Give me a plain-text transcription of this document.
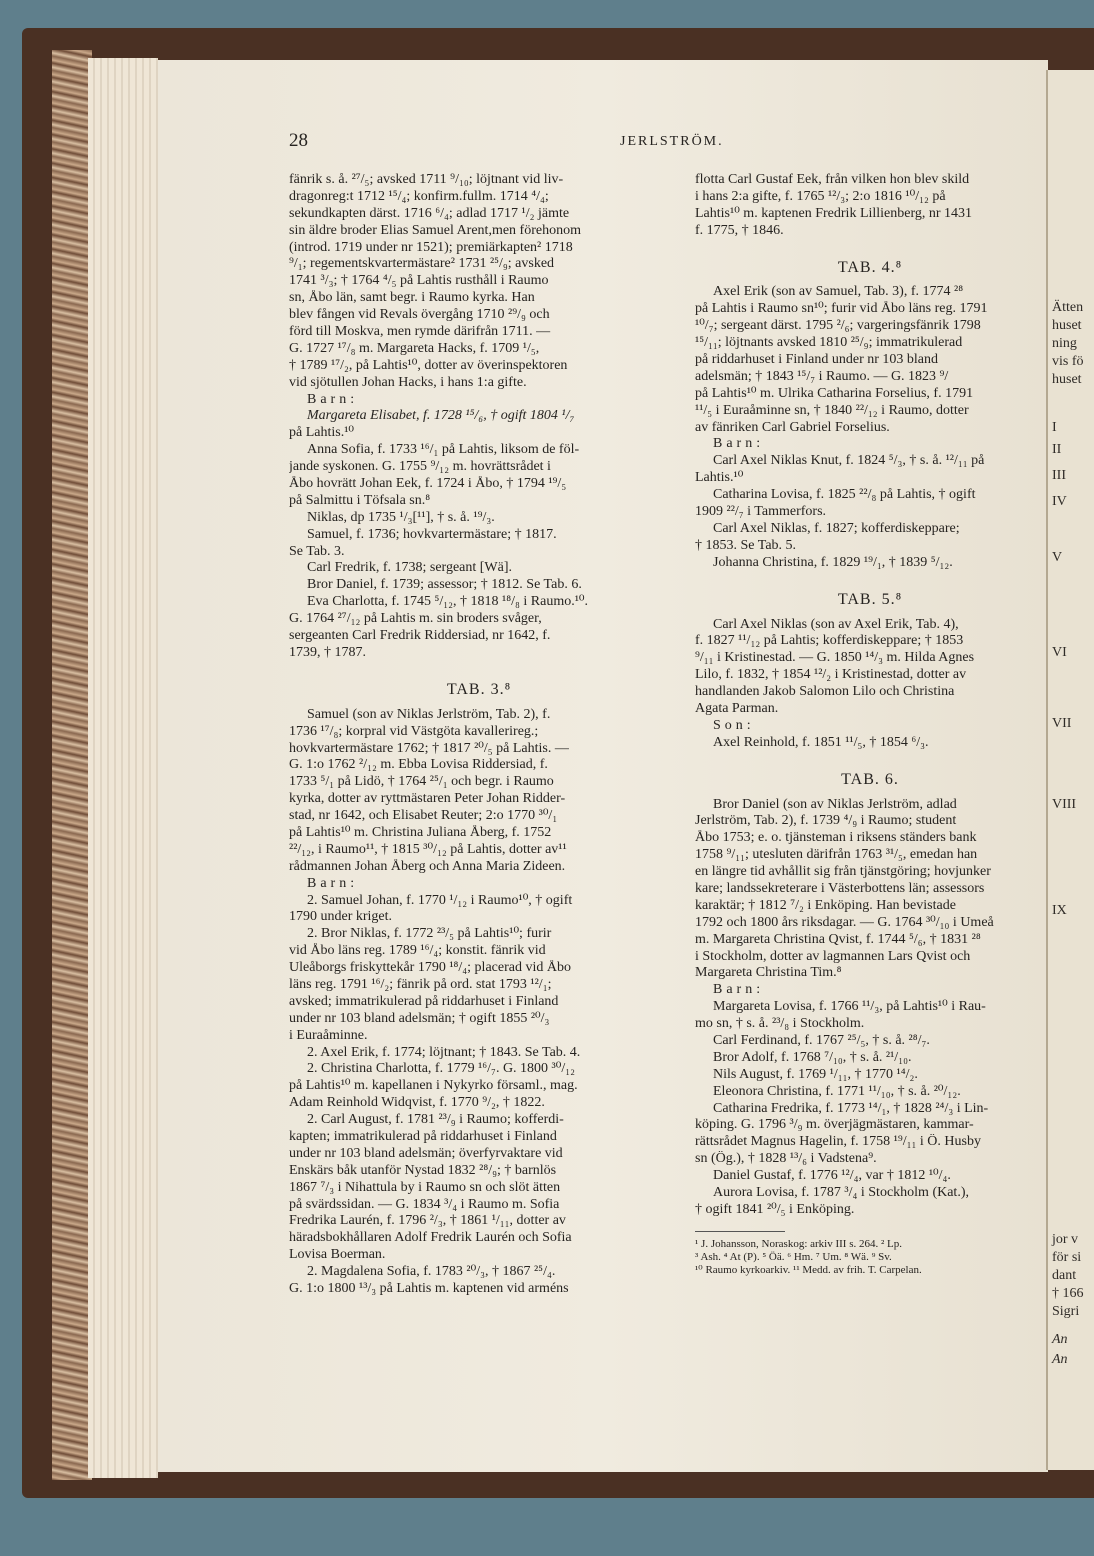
Ätten
huset
ning
vis fö
huset
I
II
III
IV
V
VI
VII
VIII
IX
jor v
för si
dant
† 166
Sigri
An
An
28	JERLSTRÖM.
fänrik s. å. ²⁷/₅; avsked 1711 ⁹/₁₀; löjtnant vid liv-
dragonreg:t 1712 ¹⁵/₄; konfirm.fullm. 1714 ⁴/₄;
sekundkapten därst. 1716 ⁶/₄; adlad 1717 ¹/₂ jämte
sin äldre broder Elias Samuel Arent,men förehonom
(introd. 1719 under nr 1521); premiärkapten² 1718
⁹/₁; regementskvartermästare² 1731 ²⁵/₉; avsked
1741 ³/₃; † 1764 ⁴/₅ på Lahtis rusthåll i Raumo
sn, Åbo län, samt begr. i Raumo kyrka. Han
blev fången vid Revals övergång 1710 ²⁹/₉ och
förd till Moskva, men rymde därifrån 1711. —
G. 1727 ¹⁷/₈ m. Margareta Hacks, f. 1709 ¹/₅,
† 1789 ¹⁷/₂, på Lahtis¹⁰, dotter av överinspektoren
vid sjötullen Johan Hacks, i hans 1:a gifte.
Barn:
Margareta Elisabet, f. 1728 ¹⁵/₆, † ogift 1804 ¹/₇
på Lahtis.¹⁰
Anna Sofia, f. 1733 ¹⁶/₁ på Lahtis, liksom de föl-
jande syskonen. G. 1755 ⁹/₁₂ m. hovrättsrådet i
Åbo hovrätt Johan Eek, f. 1724 i Åbo, † 1794 ¹⁹/₅
på Salmittu i Töfsala sn.⁸
Niklas, dp 1735 ¹/₃[¹¹], † s. å. ¹⁹/₃.
Samuel, f. 1736; hovkvartermästare; † 1817.
Se Tab. 3.
Carl Fredrik, f. 1738; sergeant [Wä].
Bror Daniel, f. 1739; assessor; † 1812. Se Tab. 6.
Eva Charlotta, f. 1745 ⁵/₁₂, † 1818 ¹⁸/₈ i Raumo.¹⁰.
G. 1764 ²⁷/₁₂ på Lahtis m. sin broders svåger,
sergeanten Carl Fredrik Riddersiad, nr 1642, f.
1739, † 1787.
TAB. 3.⁸
Samuel (son av Niklas Jerlström, Tab. 2), f.
1736 ¹⁷/₈; korpral vid Västgöta kavallerireg.;
hovkvartermästare 1762; † 1817 ²⁰/₅ på Lahtis. —
G. 1:o 1762 ²/₁₂ m. Ebba Lovisa Riddersiad, f.
1733 ⁵/₁ på Lidö, † 1764 ²⁵/₁ och begr. i Raumo
kyrka, dotter av ryttmästaren Peter Johan Ridder-
stad, nr 1642, och Elisabet Reuter; 2:o 1770 ³⁰/₁
på Lahtis¹⁰ m. Christina Juliana Åberg, f. 1752
²²/₁₂, i Raumo¹¹, † 1815 ³⁰/₁₂ på Lahtis, dotter av¹¹
rådmannen Johan Åberg och Anna Maria Zideen.
Barn:
2. Samuel Johan, f. 1770 ¹/₁₂ i Raumo¹⁰, † ogift
1790 under kriget.
2. Bror Niklas, f. 1772 ²³/₅ på Lahtis¹⁰; furir
vid Åbo läns reg. 1789 ¹⁶/₄; konstit. fänrik vid
Uleåborgs friskyttekår 1790 ¹⁸/₄; placerad vid Åbo
läns reg. 1791 ¹⁶/₂; fänrik på ord. stat 1793 ¹²/₁;
avsked; immatrikulerad på riddarhuset i Finland
under nr 103 bland adelsmän; † ogift 1855 ²⁰/₃
i Euraåminne.
2. Axel Erik, f. 1774; löjtnant; † 1843. Se Tab. 4.
2. Christina Charlotta, f. 1779 ¹⁶/₇. G. 1800 ³⁰/₁₂
på Lahtis¹⁰ m. kapellanen i Nykyrko församl., mag.
Adam Reinhold Widqvist, f. 1770 ⁹/₂, † 1822.
2. Carl August, f. 1781 ²³/₉ i Raumo; kofferdi-
kapten; immatrikulerad på riddarhuset i Finland
under nr 103 bland adelsmän; överfyrvaktare vid
Enskärs båk utanför Nystad 1832 ²⁸/₉; † barnlös
1867 ⁷/₃ i Nihattula by i Raumo sn och slöt ätten
på svärdssidan. — G. 1834 ³/₄ i Raumo m. Sofia
Fredrika Laurén, f. 1796 ²/₃, † 1861 ¹/₁₁, dotter av
häradsbokhållaren Adolf Fredrik Laurén och Sofia
Lovisa Boerman.
2. Magdalena Sofia, f. 1783 ²⁰/₃, † 1867 ²⁵/₄.
G. 1:o 1800 ¹³/₃ på Lahtis m. kaptenen vid arméns
flotta Carl Gustaf Eek, från vilken hon blev skild
i hans 2:a gifte, f. 1765 ¹²/₃; 2:o 1816 ¹⁰/₁₂ på
Lahtis¹⁰ m. kaptenen Fredrik Lillienberg, nr 1431
f. 1775, † 1846.
TAB. 4.⁸
Axel Erik (son av Samuel, Tab. 3), f. 1774 ²⁸
på Lahtis i Raumo sn¹⁰; furir vid Åbo läns reg. 1791
¹⁰/₇; sergeant därst. 1795 ²/₆; vargeringsfänrik 1798
¹⁵/₁₁; löjtnants avsked 1810 ²⁵/₉; immatrikulerad
på riddarhuset i Finland under nr 103 bland
adelsmän; † 1843 ¹⁵/₇ i Raumo. — G. 1823 ⁹/
på Lahtis¹⁰ m. Ulrika Catharina Forselius, f. 1791
¹¹/₅ i Euraåminne sn, † 1840 ²²/₁₂ i Raumo, dotter
av fänriken Carl Gabriel Forselius.
Barn:
Carl Axel Niklas Knut, f. 1824 ⁵/₃, † s. å. ¹²/₁₁ på
Lahtis.¹⁰
Catharina Lovisa, f. 1825 ²²/₈ på Lahtis, † ogift
1909 ²²/₇ i Tammerfors.
Carl Axel Niklas, f. 1827; kofferdiskeppare;
† 1853. Se Tab. 5.
Johanna Christina, f. 1829 ¹⁹/₁, † 1839 ⁵/₁₂.
TAB. 5.⁸
Carl Axel Niklas (son av Axel Erik, Tab. 4),
f. 1827 ¹¹/₁₂ på Lahtis; kofferdiskeppare; † 1853
⁹/₁₁ i Kristinestad. — G. 1850 ¹⁴/₃ m. Hilda Agnes
Lilo, f. 1832, † 1854 ¹²/₂ i Kristinestad, dotter av
handlanden Jakob Salomon Lilo och Christina
Agata Parman.
Son:
Axel Reinhold, f. 1851 ¹¹/₅, † 1854 ⁶/₃.
TAB. 6.
Bror Daniel (son av Niklas Jerlström, adlad
Jerlström, Tab. 2), f. 1739 ⁴/₉ i Raumo; student
Åbo 1753; e. o. tjänsteman i riksens ständers bank
1758 ⁹/₁₁; utesluten därifrån 1763 ³¹/₅, emedan han
en längre tid avhållit sig från tjänstgöring; hovjunker
kare; landssekreterare i Västerbottens län; assessors
karaktär; † 1812 ⁷/₂ i Enköping. Han bevistade
1792 och 1800 års riksdagar. — G. 1764 ³⁰/₁₀ i Umeå
m. Margareta Christina Qvist, f. 1744 ⁵/₆, † 1831 ²⁸
i Stockholm, dotter av lagmannen Lars Qvist och
Margareta Christina Tim.⁸
Barn:
Margareta Lovisa, f. 1766 ¹¹/₃, på Lahtis¹⁰ i Rau-
mo sn, † s. å. ²³/₈ i Stockholm.
Carl Ferdinand, f. 1767 ²⁵/₅, † s. å. ²⁸/₇.
Bror Adolf, f. 1768 ⁷/₁₀, † s. å. ²¹/₁₀.
Nils August, f. 1769 ¹/₁₁, † 1770 ¹⁴/₂.
Eleonora Christina, f. 1771 ¹¹/₁₀, † s. å. ²⁰/₁₂.
Catharina Fredrika, f. 1773 ¹⁴/₁, † 1828 ²⁴/₃ i Lin-
köping. G. 1796 ³/₉ m. överjägmästaren, kammar-
rättsrådet Magnus Hagelin, f. 1758 ¹⁹/₁₁ i Ö. Husby
sn (Ög.), † 1828 ¹³/₆ i Vadstena⁹.
Daniel Gustaf, f. 1776 ¹²/₄, var † 1812 ¹⁰/₄.
Aurora Lovisa, f. 1787 ³/₄ i Stockholm (Kat.),
† ogift 1841 ²⁰/₅ i Enköping.
¹ J. Johansson, Noraskog: arkiv III s. 264. ² Lp.
³ Ash. ⁴ At (P). ⁵ Öä. ⁶ Hm. ⁷ Um. ⁸ Wä. ⁹ Sv.
¹⁰ Raumo kyrkoarkiv. ¹¹ Medd. av frih. T. Carpelan.
